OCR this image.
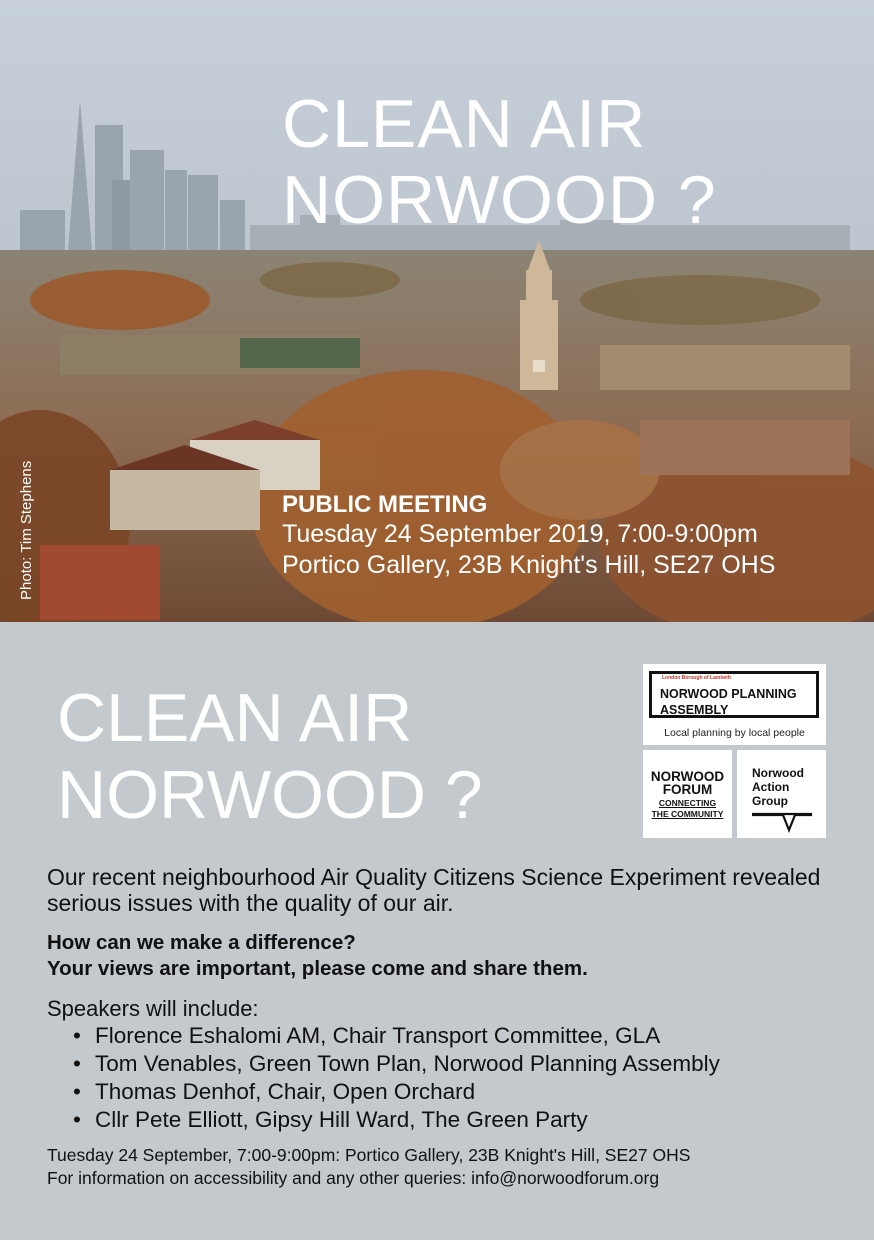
CLEAN AIR
NORWOOD ?
PUBLIC MEETING
Tuesday 24 September 2019, 7:00-9:00pm
Portico Gallery, 23B Knight's Hill, SE27 OHS
Photo: Tim Stephens
CLEAN AIR
NORWOOD ?
London Borough of Lambeth
NORWOOD PLANNING
ASSEMBLY
Local planning by local people
NORWOOD
FORUM
CONNECTING
THE COMMUNITY
Norwood
Action
Group

Our recent neighbourhood Air Quality Citizens Science Experiment revealed serious issues with the quality of our air.

How can we make a difference?
Your views are important, please come and share them.

Speakers will include:

• Florence Eshalomi AM, Chair Transport Committee, GLA
• Tom Venables, Green Town Plan, Norwood Planning Assembly
• Thomas Denhof, Chair, Open Orchard
• Cllr Pete Elliott, Gipsy Hill Ward, The Green Party

Tuesday 24 September, 7:00-9:00pm: Portico Gallery, 23B Knight's Hill, SE27 OHS
For information on accessibility and any other queries: info@norwoodforum.org
